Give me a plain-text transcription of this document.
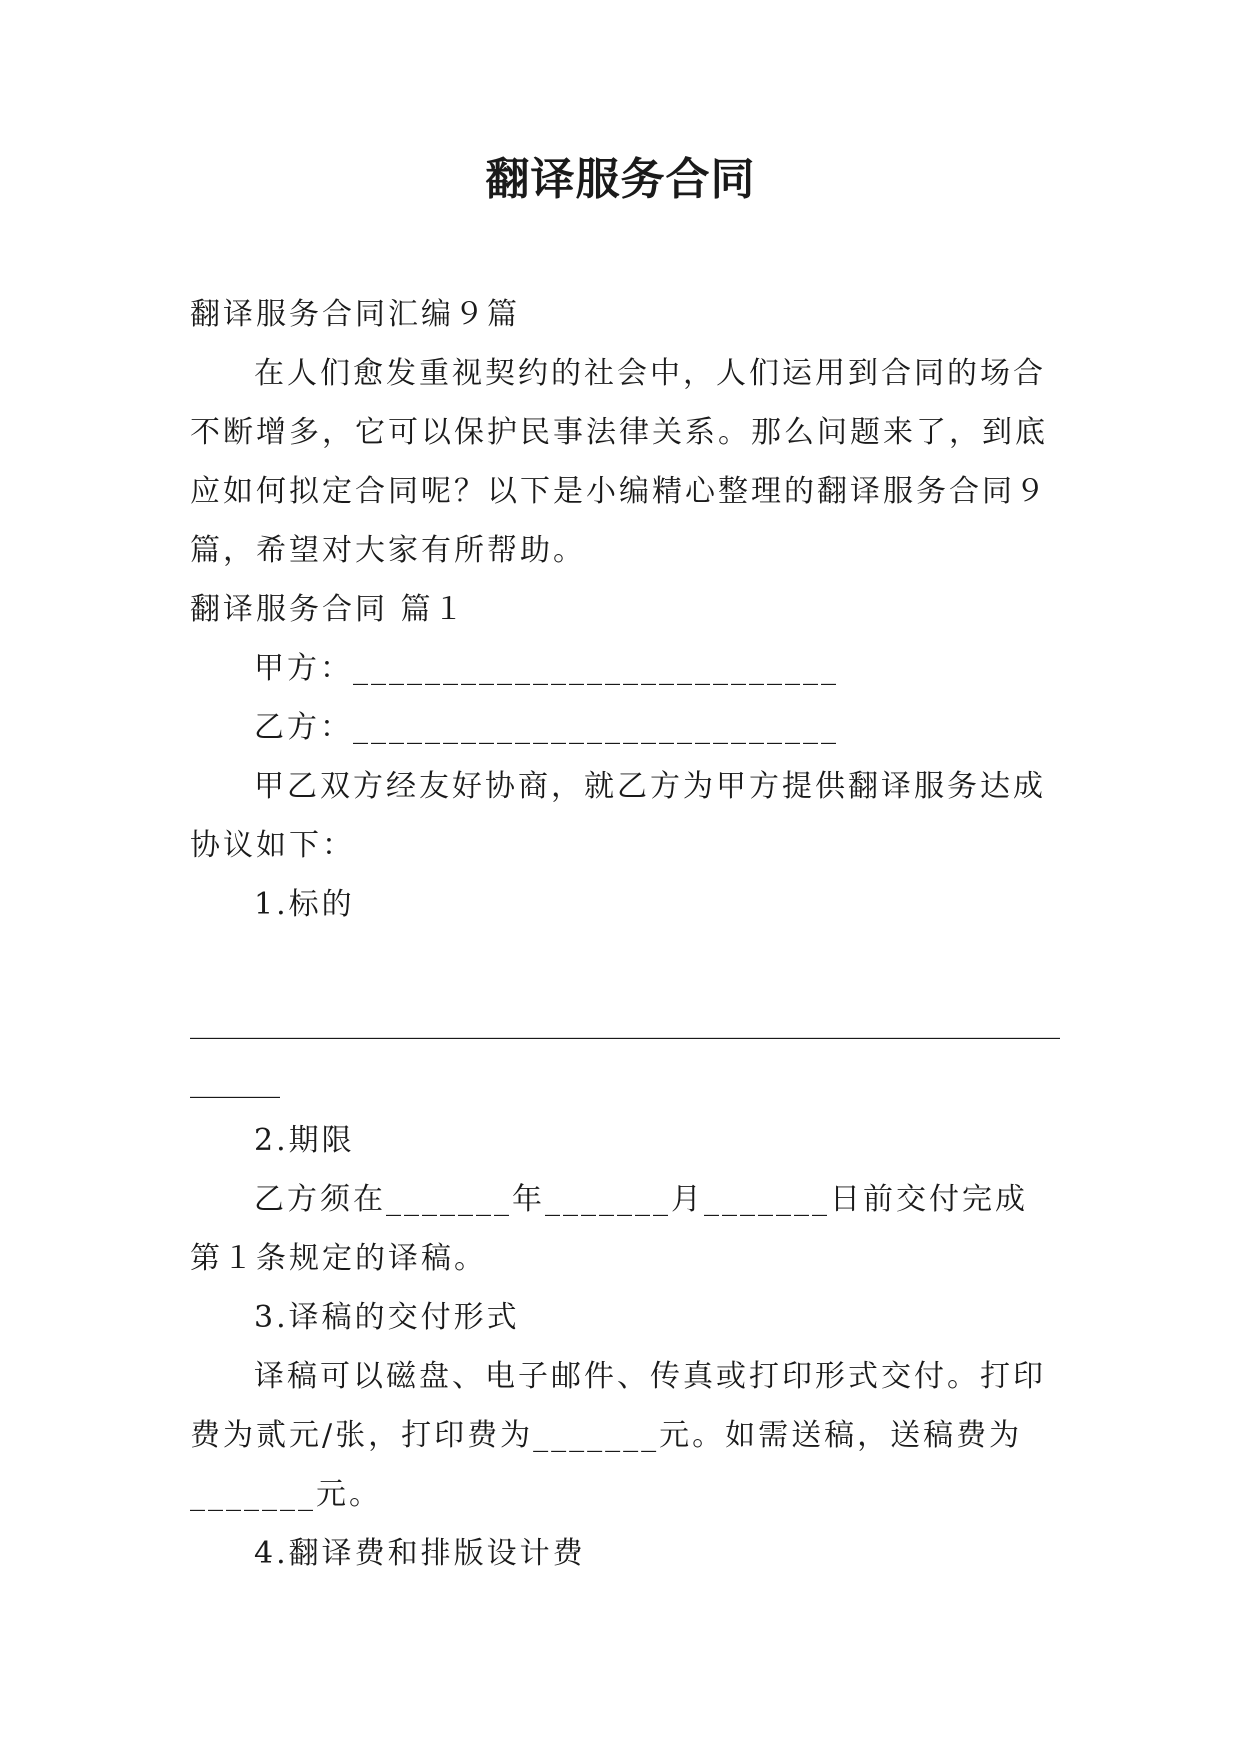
翻译服务合同

翻译服务合同汇编９篇

在人们愈发重视契约的社会中，人们运用到合同的场合不断增多，它可以保护民事法律关系。那么问题来了，到底应如何拟定合同呢？以下是小编精心整理的翻译服务合同９篇，希望对大家有所帮助。

翻译服务合同 篇１

甲方：___________________________

乙方：___________________________

甲乙双方经友好协商，就乙方为甲方提供翻译服务达成协议如下：

1.标的

__________________________________________________________

______

2.期限

乙方须在_______年_______月_______日前交付完成第１条规定的译稿。

3.译稿的交付形式

译稿可以磁盘、电子邮件、传真或打印形式交付。打印费为贰元/张，打印费为_______元。如需送稿，送稿费为_______元。

4.翻译费和排版设计费
